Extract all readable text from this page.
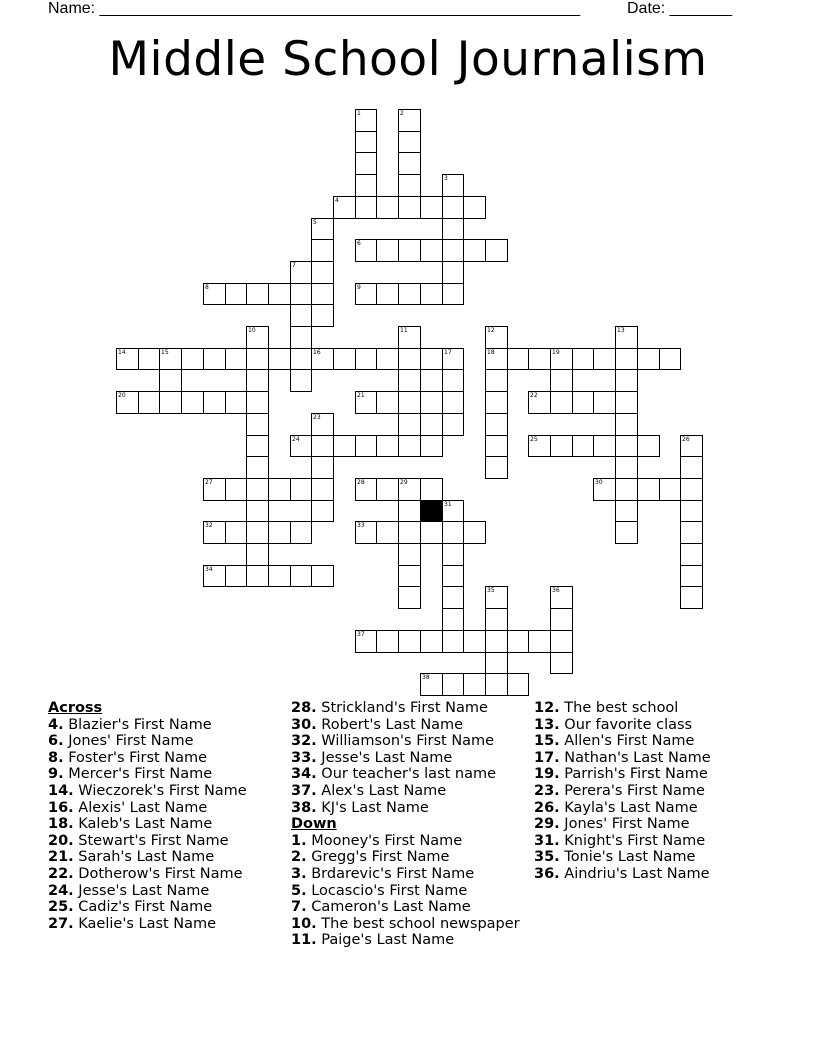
Name: ______________________________________________________	Date: _______
Middle School Journalism
4
6
8	9
14	15	16	18	19
20	21	22
24	25
27	28	29	30
32	33
34
37
38
1	2
3
5
7
10	11	12	13
17
23
26
31
35	36
Across
4. Blazier's First Name
6. Jones' First Name
8. Foster's First Name
9. Mercer's First Name
14. Wieczorek's First Name
16. Alexis' Last Name
18. Kaleb's Last Name
20. Stewart's First Name
21. Sarah's Last Name
22. Dotherow's First Name
24. Jesse's Last Name
25. Cadiz's First Name
27. Kaelie's Last Name
28. Strickland's First Name
30. Robert's Last Name
32. Williamson's First Name
33. Jesse's Last Name
34. Our teacher's last name
37. Alex's Last Name
38. KJ's Last Name
Down
1. Mooney's First Name
2. Gregg's First Name
3. Brdarevic's First Name
5. Locascio's First Name
7. Cameron's Last Name
10. The best school newspaper
11. Paige's Last Name
12. The best school
13. Our favorite class
15. Allen's First Name
17. Nathan's Last Name
19. Parrish's First Name
23. Perera's First Name
26. Kayla's Last Name
29. Jones' First Name
31. Knight's First Name
35. Tonie's Last Name
36. Aindriu's Last Name
